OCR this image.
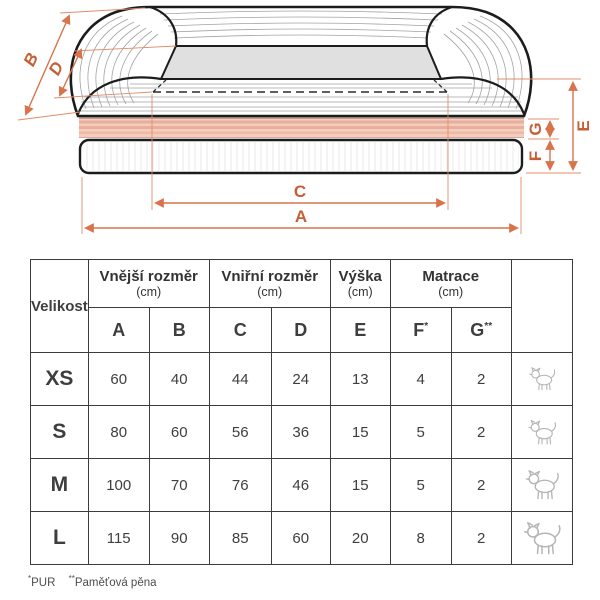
B D
C
A
E
G
F
Velikost	
Vnější rozměr
(cm)

Vniřní rozměr
(cm)

Výška
(cm)

Matrace
(cm)

	A	B	C	D	E	F*	G**
XS	60	40	44	24	13	4	2	

S	80	60	56	36	15	5	2	

M	100	70	76	46	15	5	2	

L	115	90	85	60	20	8	2	
*PUR **Paměťová pěna
